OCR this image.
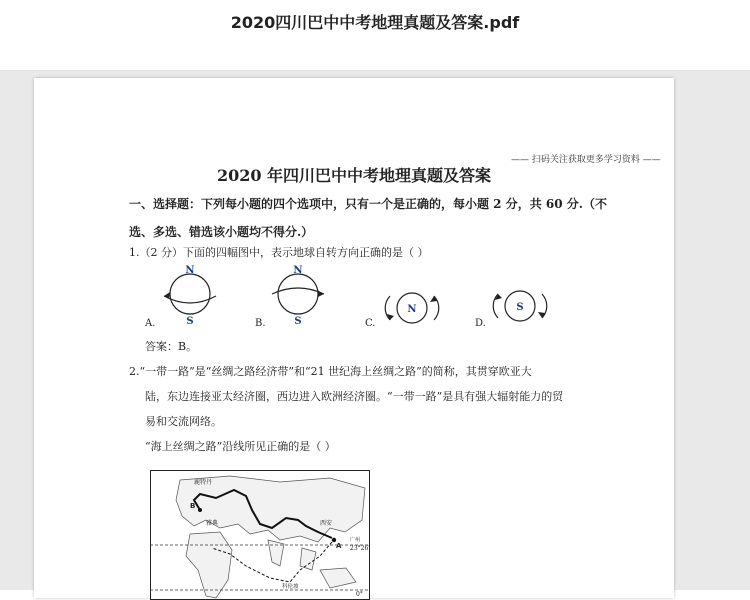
2020四川巴中中考地理真题及答案.pdf
—— 扫码关注获取更多学习资料 ——
2020 年四川巴中中考地理真题及答案
一、选择题：下列每小题的四个选项中，只有一个是正确的，每小题 2 分，共 60 分.（不
选、多选、错选该小题均不得分.）
1.（2 分）下面的四幅图中，表示地球自转方向正确的是（ ）
N
S
A.
N
S
B.
N
C.
S
D.
答案：B。
2.“一带一路”是“丝绸之路经济带”和“21 世纪海上丝绸之路”的简称，其贯穿欧亚大
陆，东边连接亚太经济圈，西边进入欧洲经济圈。“一带一路”是具有强大辐射能力的贸
易和交流网络。
“海上丝绸之路”沿线所见正确的是（ ）
鹿特丹
B
雅典	西安
A
广州
23°26′
科伦坡
0°
